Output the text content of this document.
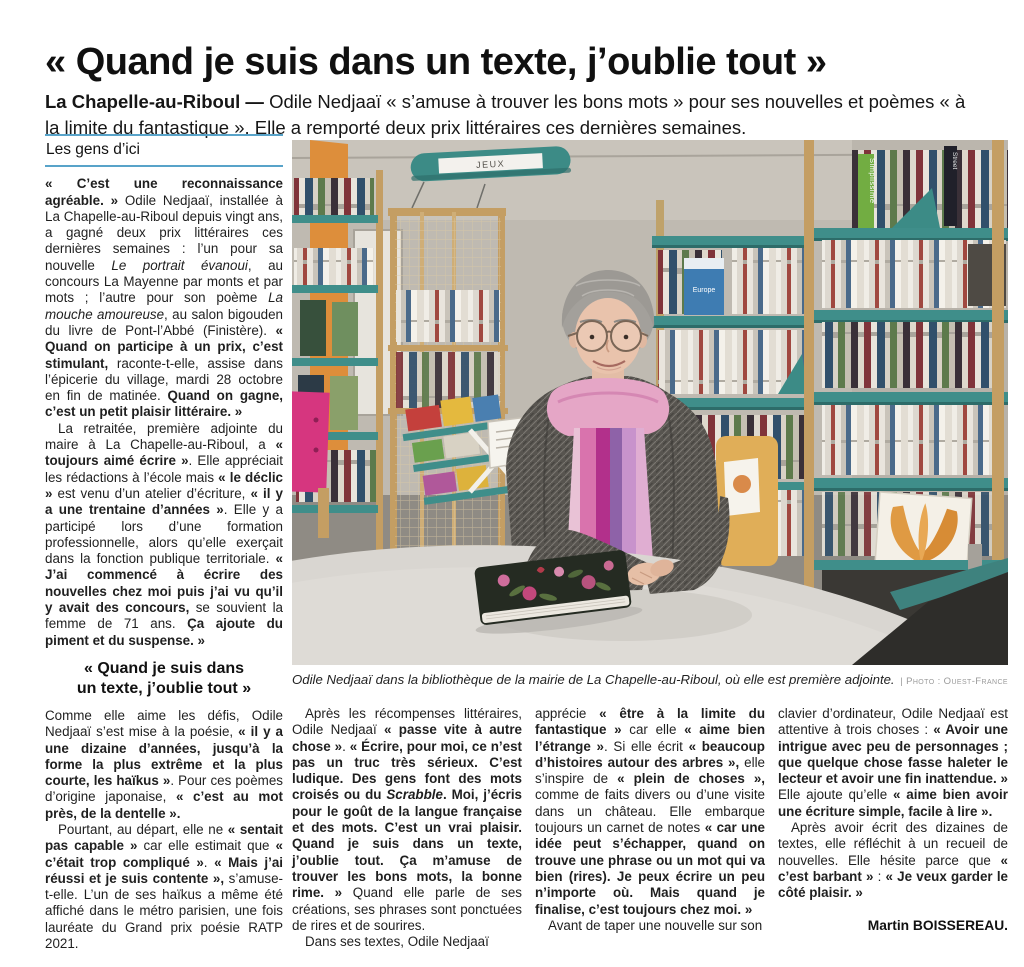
« Quand je suis dans un texte, j’oublie tout »

La Chapelle-au-Riboul — Odile Nedjaaï « s’amuse à trouver les bons mots » pour ses nouvelles et poèmes « à la limite du fantastique ». Elle a remporté deux prix littéraires ces dernières semaines.

Les gens d’ici

« C’est une reconnaissance agréable. » Odile Nedjaaï, installée à La Chapelle-au-Riboul depuis vingt ans, a gagné deux prix littéraires ces dernières semaines : l’un pour sa nouvelle Le portrait évanoui, au concours La Mayenne par monts et par mots ; l’autre pour son poème La mouche amoureuse, au salon bigouden du livre de Pont-l’Abbé (Finistère). « Quand on participe à un prix, c’est stimulant, raconte-t-elle, assise dans l’épicerie du village, mardi 28 octobre en fin de matinée. Quand on gagne, c’est un petit plaisir littéraire. »

La retraitée, première adjointe du maire à La Chapelle-au-Riboul, a « toujours aimé écrire ». Elle appréciait les rédactions à l’école mais « le déclic » est venu d’un atelier d’écriture, « il y a une trentaine d’années ». Elle y a participé lors d’une formation professionnelle, alors qu’elle exerçait dans la fonction publique territoriale. « J’ai commencé à écrire des nouvelles chez moi puis j’ai vu qu’il y avait des concours, se souvient la femme de 71 ans. Ça ajoute du piment et du suspense. »

« Quand je suis dans
un texte, j’oublie tout »

Comme elle aime les défis, Odile Nedjaaï s’est mise à la poésie, « il y a une dizaine d’années, jusqu’à la forme la plus extrême et la plus courte, les haïkus ». Pour ces poèmes d’origine japonaise, « c’est au mot près, de la dentelle ».

Pourtant, au départ, elle ne « sentait pas capable » car elle estimait que « c’était trop compliqué ». « Mais j’ai réussi et je suis contente », s’amuse-t-elle. L’un de ses haïkus a même été affiché dans le métro parisien, une fois lauréate du Grand prix poésie RATP 2021.

Simplissime	Street
Europe
JEUX
Odile Nedjaaï dans la bibliothèque de la mairie de La Chapelle-au-Riboul, où elle est première adjointe. | Photo : Ouest-France

Après les récompenses littéraires, Odile Nedjaaï « passe vite à autre chose ». « Écrire, pour moi, ce n’est pas un truc très sérieux. C’est ludique. Des gens font des mots croisés ou du Scrabble. Moi, j’écris pour le goût de la langue française et des mots. C’est un vrai plaisir. Quand je suis dans un texte, j’oublie tout. Ça m’amuse de trouver les bons mots, la bonne rime. » Quand elle parle de ses créations, ses phrases sont ponctuées de rires et de sourires.

Dans ses textes, Odile Nedjaaï

apprécie « être à la limite du fantastique » car elle « aime bien l’étrange ». Si elle écrit « beaucoup d’histoires autour des arbres », elle s’inspire de « plein de choses », comme de faits divers ou d’une visite dans un château. Elle embarque toujours un carnet de notes « car une idée peut s’échapper, quand on trouve une phrase ou un mot qui va bien (rires). Je peux écrire un peu n’importe où. Mais quand je finalise, c’est toujours chez moi. »

Avant de taper une nouvelle sur son

clavier d’ordinateur, Odile Nedjaaï est attentive à trois choses : « Avoir une intrigue avec peu de personnages ; que quelque chose fasse haleter le lecteur et avoir une fin inattendue. » Elle ajoute qu’elle « aime bien avoir une écriture simple, facile à lire ».

Après avoir écrit des dizaines de textes, elle réfléchit à un recueil de nouvelles. Elle hésite parce que « c’est barbant » : « Je veux garder le côté plaisir. »

Martin BOISSEREAU.
